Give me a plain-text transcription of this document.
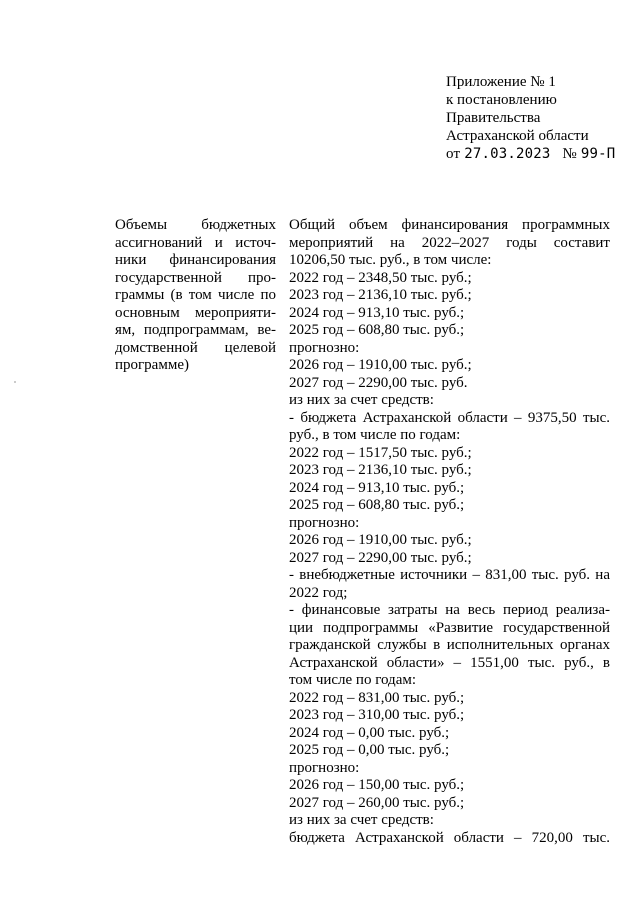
Приложение № 1
к постановлению
Правительства
Астраханской области
от 27.03.2023 № 99-П
Объемы бюджетных
ассигнований и источ-
ники финансирования
государственной про-
граммы (в том числе по
основным мероприяти-
ям, подпрограммам, ве-
домственной целевой
программе)
Общий объем финансирования программных
мероприятий на 2022–2027 годы составит
10206,50 тыс. руб., в том числе:
2022 год – 2348,50 тыс. руб.;
2023 год – 2136,10 тыс. руб.;
2024 год – 913,10 тыс. руб.;
2025 год – 608,80 тыс. руб.;
прогнозно:
2026 год – 1910,00 тыс. руб.;
2027 год – 2290,00 тыс. руб.
из них за счет средств:
- бюджета Астраханской области – 9375,50 тыс.
руб., в том числе по годам:
2022 год – 1517,50 тыс. руб.;
2023 год – 2136,10 тыс. руб.;
2024 год – 913,10 тыс. руб.;
2025 год – 608,80 тыс. руб.;
прогнозно:
2026 год – 1910,00 тыс. руб.;
2027 год – 2290,00 тыс. руб.;
- внебюджетные источники – 831,00 тыс. руб. на
2022 год;
- финансовые затраты на весь период реализа-
ции подпрограммы «Развитие государственной
гражданской службы в исполнительных органах
Астраханской области» – 1551,00 тыс. руб., в
том числе по годам:
2022 год – 831,00 тыс. руб.;
2023 год – 310,00 тыс. руб.;
2024 год – 0,00 тыс. руб.;
2025 год – 0,00 тыс. руб.;
прогнозно:
2026 год – 150,00 тыс. руб.;
2027 год – 260,00 тыс. руб.;
из них за счет средств:
бюджета Астраханской области – 720,00 тыс.
